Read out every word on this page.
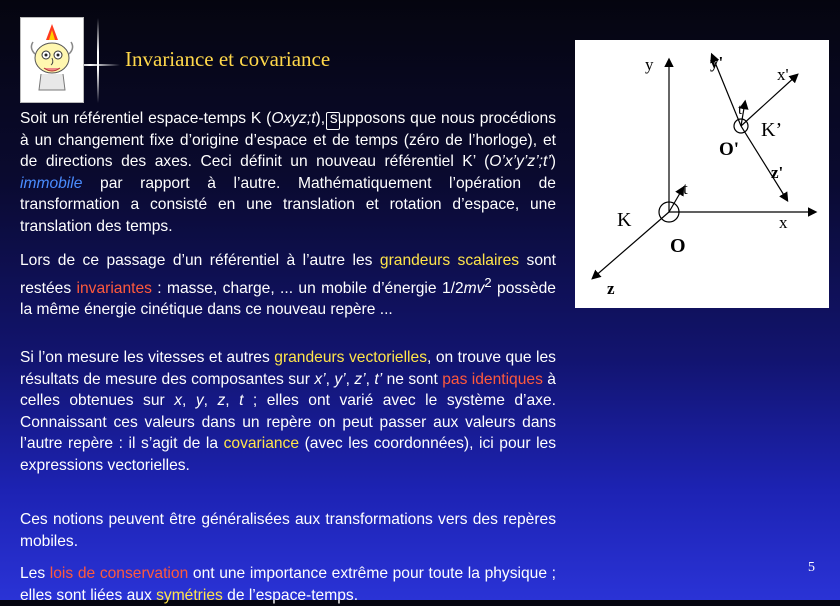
Invariance et covariance
Soit un référentiel espace-temps K (Oxyz;t), supposons que nous procédions à un changement fixe d’origine d’espace et de temps (zéro de l’horloge), et de directions des axes. Ceci définit un nouveau référentiel K’ (O’x’y’z’;t’) immobile par rapport à l’autre. Mathématiquement l’opération de transformation a consisté en une translation et rotation d’espace, une translation des temps.
Lors de ce passage d’un référentiel à l’autre les grandeurs scalaires sont restées invariantes : masse, charge, ... un mobile d’énergie $1/2mv^2$ possède la même énergie cinétique dans ce nouveau repère ...
Si l’on mesure les vitesses et autres grandeurs vectorielles, on trouve que les résultats de mesure des composantes sur x’, y’, z’, t’ ne sont pas identiques à celles obtenues sur x, y, z, t ; elles ont varié avec le système d’axe. Connaissant ces valeurs dans un repère on peut passer aux valeurs dans l’autre repère : il s’agit de la covariance (avec les coordonnées), ici pour les expressions vectorielles.
Ces notions peuvent être généralisées aux transformations vers des repères mobiles.
Les lois de conservation ont une importance extrême pour toute la physique ; elles sont liées aux symétries de l’espace-temps.
y	y'
x'
t'
K’
O'
z'
t
K	x
O
z
5
